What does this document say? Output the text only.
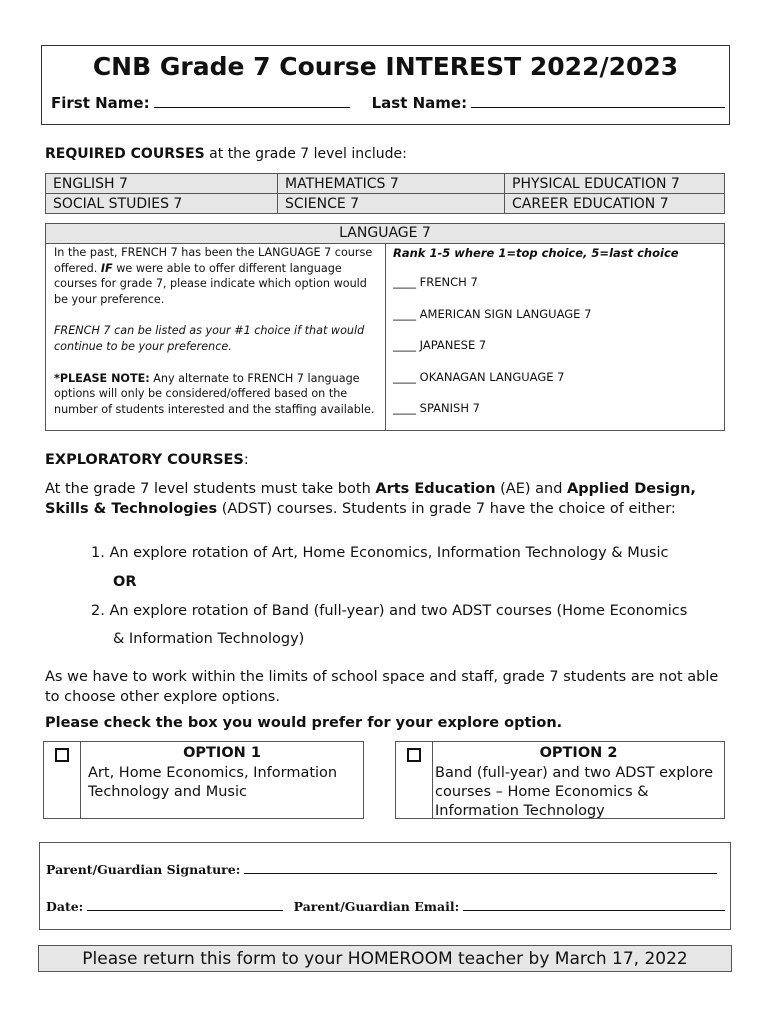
CNB Grade 7 Course INTEREST 2022/2023
First Name:	Last Name:
REQUIRED COURSES at the grade 7 level include:
ENGLISH 7	MATHEMATICS 7	PHYSICAL EDUCATION 7
SOCIAL STUDIES 7	SCIENCE 7	CAREER EDUCATION 7
LANGUAGE 7

In the past, FRENCH 7 has been the LANGUAGE 7 course offered. IF we were able to offer different language courses for grade 7, please indicate which option would be your preference.

FRENCH 7 can be listed as your #1 choice if that would continue to be your preference.

*PLEASE NOTE: Any alternate to FRENCH 7 language options will only be considered/offered based on the number of students interested and the staffing available.

Rank 1-5 where 1=top choice, 5=last choice
____ FRENCH 7
____ AMERICAN SIGN LANGUAGE 7
____ JAPANESE 7
____ OKANAGAN LANGUAGE 7
____ SPANISH 7
EXPLORATORY COURSES:
At the grade 7 level students must take both Arts Education (AE) and Applied Design, Skills & Technologies (ADST) courses. Students in grade 7 have the choice of either:
1. An explore rotation of Art, Home Economics, Information Technology & Music
OR
2. An explore rotation of Band (full-year) and two ADST courses (Home Economics
& Information Technology)
As we have to work within the limits of school space and staff, grade 7 students are not able to choose other explore options.
Please check the box you would prefer for your explore option.
OPTION 1
Art, Home Economics, Information Technology and Music
OPTION 2
Band (full-year) and two ADST explore courses – Home Economics & Information Technology
Parent/Guardian Signature:
Date:	Parent/Guardian Email:
Please return this form to your HOMEROOM teacher by March 17, 2022
